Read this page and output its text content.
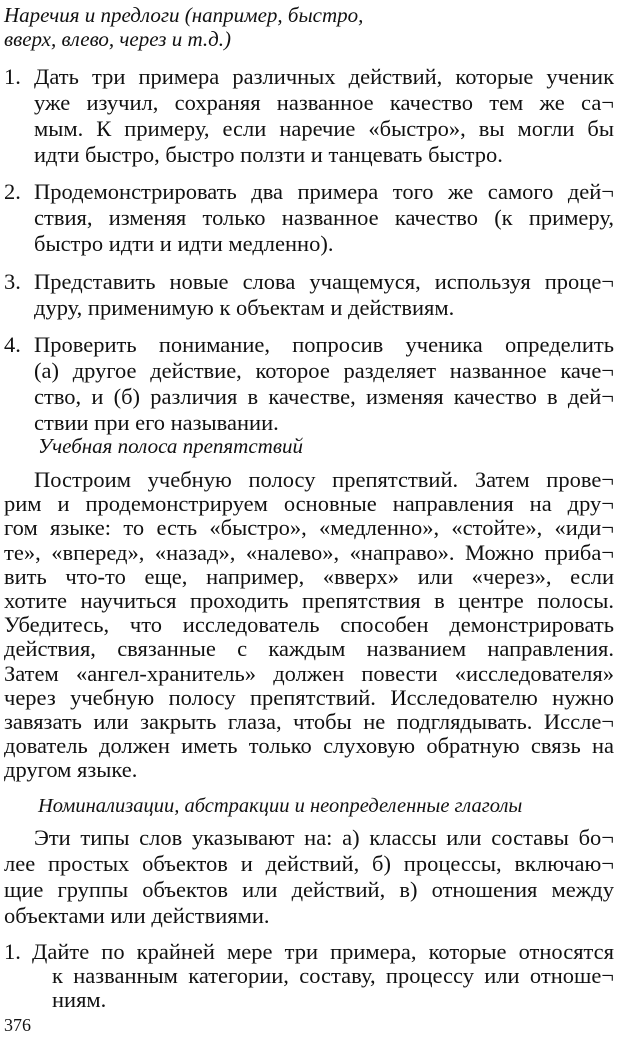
Наречия и предлоги (например, быстро,
вверх, влево, через и т.д.)
1. Дать три примера различных действий, которые ученик
уже изучил, сохраняя названное качество тем же са¬
мым. К примеру, если наречие «быстро», вы могли бы
идти быстро, быстро ползти и танцевать быстро.
2. Продемонстрировать два примера того же самого дей¬
ствия, изменяя только названное качество (к примеру,
быстро идти и идти медленно).
3. Представить новые слова учащемуся, используя проце¬
дуру, применимую к объектам и действиям.
4. Проверить понимание, попросив ученика определить
(а) другое действие, которое разделяет названное каче¬
ство, и (б) различия в качестве, изменяя качество в дей¬
ствии при его назывании.
Учебная полоса препятствий
Построим учебную полосу препятствий. Затем прове¬
рим и продемонстрируем основные направления на дру¬
гом языке: то есть «быстро», «медленно», «стойте», «иди¬
те», «вперед», «назад», «налево», «направо». Можно приба¬
вить что-то еще, например, «вверх» или «через», если
хотите научиться проходить препятствия в центре полосы.
Убедитесь, что исследователь способен демонстрировать
действия, связанные с каждым названием направления.
Затем «ангел-хранитель» должен повести «исследователя»
через учебную полосу препятствий. Исследователю нужно
завязать или закрыть глаза, чтобы не подглядывать. Иссле¬
дователь должен иметь только слуховую обратную связь на
другом языке.
Номинализации, абстракции и неопределенные глаголы
Эти типы слов указывают на: а) классы или составы бо¬
лее простых объектов и действий, б) процессы, включаю¬
щие группы объектов или действий, в) отношения между
объектами или действиями.
376
1. Дайте по крайней мере три примера, которые относятся
к названным категории, составу, процессу или отноше¬
ниям.
